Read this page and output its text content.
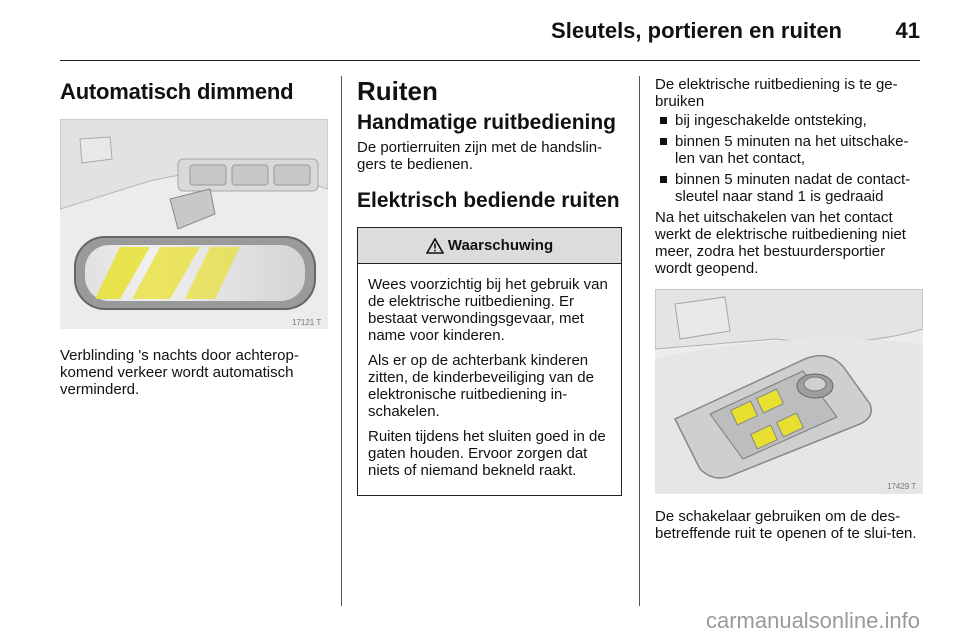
Sleutels, portieren en ruiten 41
Automatisch dimmend
17121 T
Verblinding 's nachts door achterop-komend verkeer wordt automatisch verminderd.
Ruiten
Handmatige ruitbediening
De portierruiten zijn met de handslin-gers te bedienen.
Elektrisch bediende ruiten
Waarschuwing
Wees voorzichtig bij het gebruik van de elektrische ruitbediening. Er bestaat verwondingsgevaar, met name voor kinderen.
Als er op de achterbank kinderen zitten, de kinderbeveiliging van de elektronische ruitbediening in-schakelen.
Ruiten tijdens het sluiten goed in de gaten houden. Ervoor zorgen dat niets of niemand bekneld raakt.
De elektrische ruitbediening is te ge-bruiken
bij ingeschakelde ontsteking,
binnen 5 minuten na het uitschake-len van het contact,
binnen 5 minuten nadat de contact-sleutel naar stand 1 is gedraaid
Na het uitschakelen van het contact werkt de elektrische ruitbediening niet meer, zodra het bestuurdersportier wordt geopend.
17429 T
De schakelaar gebruiken om de des-betreffende ruit te openen of te slui-ten.
carmanualsonline.info
